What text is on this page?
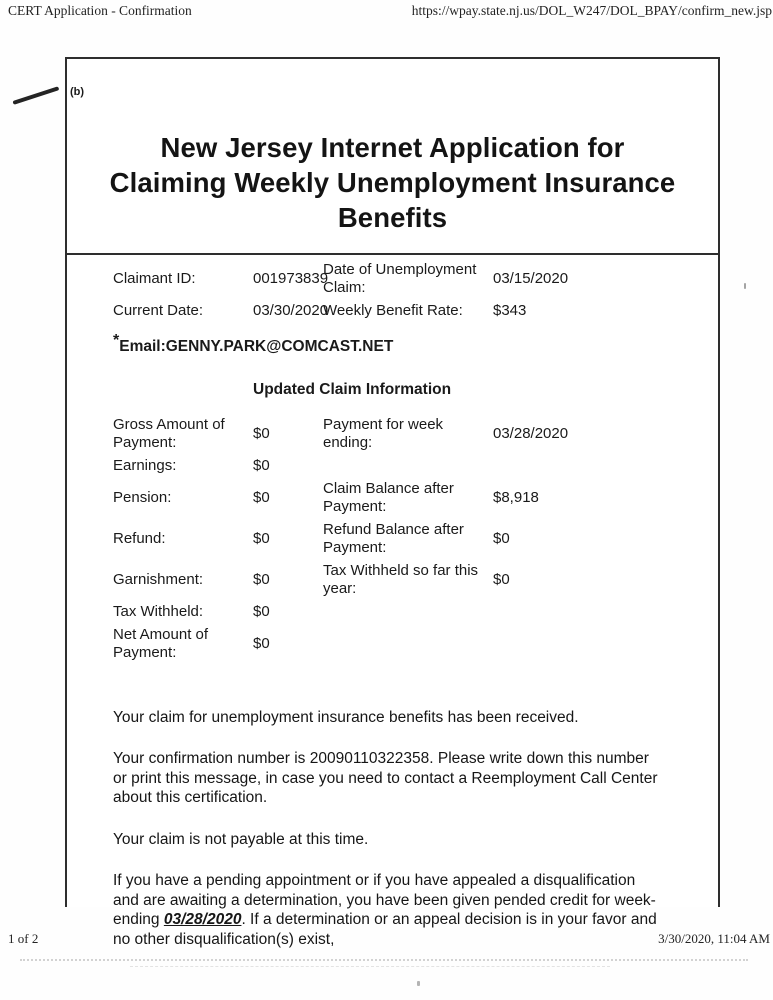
CERT Application - Confirmation	https://wpay.state.nj.us/DOL_W247/DOL_BPAY/confirm_new.jsp
(b)
New Jersey Internet Application for
Claiming Weekly Unemployment Insurance
Benefits
Claimant ID:	001973839	Date of Unemployment Claim:	03/15/2020
Current Date:	03/30/2020	Weekly Benefit Rate:	$343
*Email:GENNY.PARK@COMCAST.NET
Updated Claim Information
Gross Amount of Payment:	$0	Payment for week ending:	03/28/2020
Earnings:	$0		
Pension:	$0	Claim Balance after Payment:	$8,918
Refund:	$0	Refund Balance after Payment:	$0
Garnishment:	$0	Tax Withheld so far this year:	$0
Tax Withheld:	$0		
Net Amount of Payment:	$0		

Your claim for unemployment insurance benefits has been received.

Your confirmation number is 20090110322358. Please write down this number or print this message, in case you need to contact a Reemployment Call Center about this certification.

Your claim is not payable at this time.

If you have a pending appointment or if you have appealed a disqualification and are awaiting a determination, you have been given pended credit for week-ending 03/28/2020. If a determination or an appeal decision is in your favor and no other disqualification(s) exist,

1 of 2	3/30/2020, 11:04 AM
